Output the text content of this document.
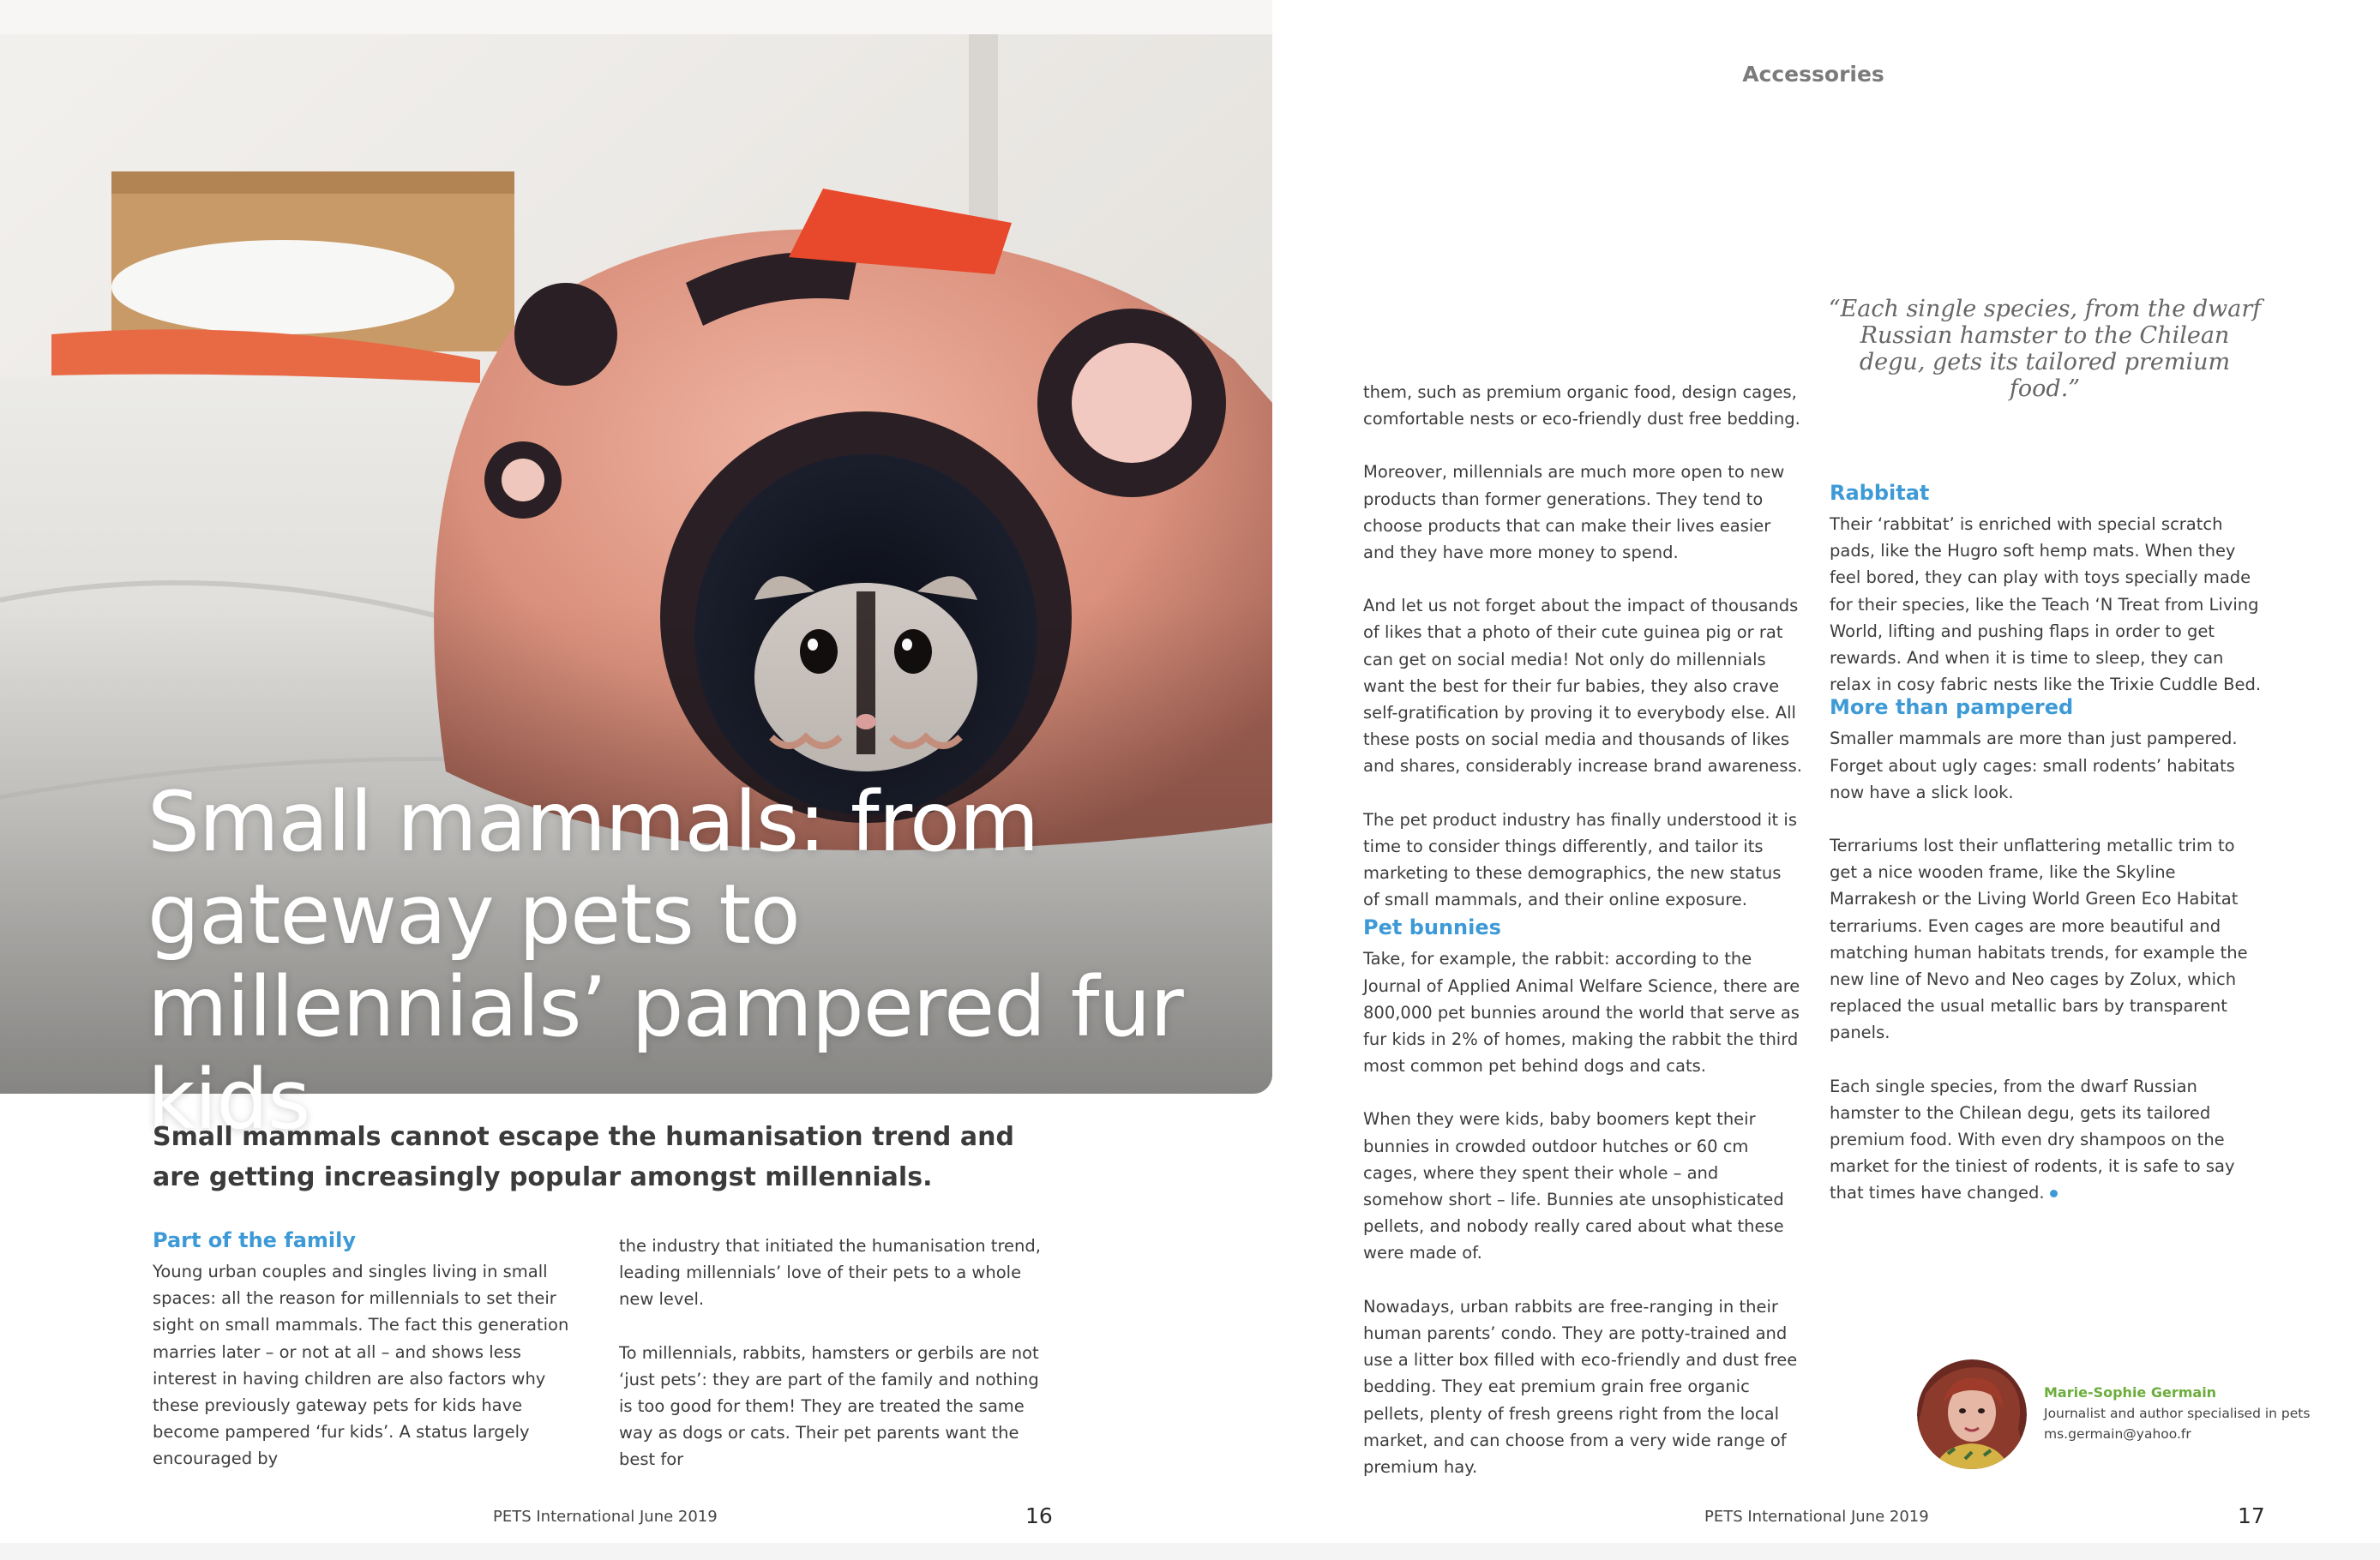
Small mammals: from gateway pets to millennials’ pampered fur kids
Small mammals cannot escape the humanisation trend and are getting increasingly popular amongst millennials.
Part of the family

Young urban couples and singles living in small spaces: all the reason for millennials to set their sight on small mammals. The fact this generation marries later – or not at all – and shows less interest in having children are also factors why these previously gateway pets for kids have become pampered ‘fur kids’. A status largely encouraged by

the industry that initiated the humanisation trend, leading millennials’ love of their pets to a whole new level.

To millennials, rabbits, hamsters or gerbils are not ‘just pets’: they are part of the family and nothing is too good for them! They are treated the same way as dogs or cats. Their pet parents want the best for

PETS International June 2019	16
Accessories
“Each single species, from the dwarf Russian hamster to the Chilean degu, gets its tailored premium food.”

them, such as premium organic food, design cages, comfortable nests or eco-friendly dust free bedding.

Moreover, millennials are much more open to new products than former generations. They tend to choose products that can make their lives easier and they have more money to spend.

And let us not forget about the impact of thousands of likes that a photo of their cute guinea pig or rat can get on social media! Not only do millennials want the best for their fur babies, they also crave self-gratification by proving it to everybody else. All these posts on social media and thousands of likes and shares, considerably increase brand awareness.

The pet product industry has finally understood it is time to consider things differently, and tailor its marketing to these demographics, the new status of small mammals, and their online exposure.

Pet bunnies

Take, for example, the rabbit: according to the Journal of Applied Animal Welfare Science, there are 800,000 pet bunnies around the world that serve as fur kids in 2% of homes, making the rabbit the third most common pet behind dogs and cats.

When they were kids, baby boomers kept their bunnies in crowded outdoor hutches or 60 cm cages, where they spent their whole – and somehow short – life. Bunnies ate unsophisticated pellets, and nobody really cared about what these were made of.

Nowadays, urban rabbits are free-ranging in their human parents’ condo. They are potty-trained and use a litter box filled with eco-friendly and dust free bedding. They eat premium grain free organic pellets, plenty of fresh greens right from the local market, and can choose from a very wide range of premium hay.

Rabbitat

Their ‘rabbitat’ is enriched with special scratch pads, like the Hugro soft hemp mats. When they feel bored, they can play with toys specially made for their species, like the Teach ‘N Treat from Living World, lifting and pushing flaps in order to get rewards. And when it is time to sleep, they can relax in cosy fabric nests like the Trixie Cuddle Bed.

More than pampered

Smaller mammals are more than just pampered. Forget about ugly cages: small rodents’ habitats now have a slick look.

Terrariums lost their unflattering metallic trim to get a nice wooden frame, like the Skyline Marrakesh or the Living World Green Eco Habitat terrariums. Even cages are more beautiful and matching human habitats trends, for example the new line of Nevo and Neo cages by Zolux, which replaced the usual metallic bars by transparent panels.

Each single species, from the dwarf Russian hamster to the Chilean degu, gets its tailored premium food. With even dry shampoos on the market for the tiniest of rodents, it is safe to say that times have changed.

Marie-Sophie Germain
Journalist and author specialised in pets
ms.germain@yahoo.fr
PETS International June 2019	17
